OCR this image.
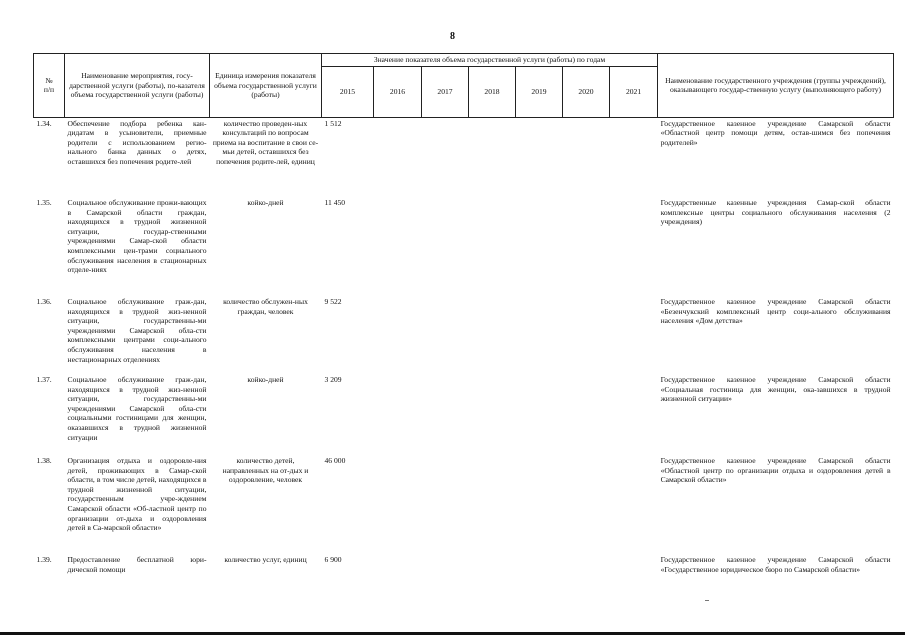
8
№
п/п	Наименование мероприятия, госу-дарственной услуги (работы), по-казателя объема государственной услуги (работы)	Единица измерения показателя объема государственной услуги (работы)	Значение показателя объема государственной услуги (работы) по годам							Наименование государственного учреждения (группы учреждений), оказывающего государ-ственную услугу (выполняющего работу)
			2015	2016	2017	2018	2019	2020	2021	
1.34.	Обеспечение подбора ребенка кан-дидатам в усыновители, приемные родители с использованием регио-нального банка данных о детях, оставшихся без попечения родите-лей	количество проведен-ных консультаций по вопросам приема на воспитание в свои се-мьи детей, оставшихся без попечения родите-лей, единиц	1 512							Государственное казенное учреждение Самарской области «Областной центр помощи детям, остав-шимся без попечения родителей»
1.35.	Социальное обслуживание прожи-вающих в Самарской области граждан, находящихся в трудной жизненной ситуации, государ-ственными учреждениями Самар-ской области комплексными цен-трами социального обслуживания населения в стационарных отделе-ниях	койко-дней	11 450							Государственные казенные учреждения Самар-ской области комплексные центры социального обслуживания населения (2 учреждения)
1.36.	Социальное обслуживание граж-дан, находящихся в трудной жиз-ненной ситуации, государственны-ми учреждениями Самарской обла-сти комплексными центрами соци-ального обслуживания населения в нестационарных отделениях	количество обслужен-ных граждан, человек	9 522							Государственное казенное учреждение Самарской области «Безенчукский комплексный центр соци-ального обслуживания населения «Дом детства»
1.37.	Социальное обслуживание граж-дан, находящихся в трудной жиз-ненной ситуации, государственны-ми учреждениями Самарской обла-сти социальными гостиницами для женщин, оказавшихся в трудной жизненной ситуации	койко-дней	3 209							Государственное казенное учреждение Самарской области «Социальная гостиница для женщин, ока-завшихся в трудной жизненной ситуации»
1.38.	Организация отдыха и оздоровле-ния детей, проживающих в Самар-ской области, в том числе детей, находящихся в трудной жизненной ситуации, государственным учре-ждением Самарской области «Об-ластной центр по организации от-дыха и оздоровления детей в Са-марской области»	количество детей, направленных на от-дых и оздоровление, человек	46 000							Государственное казенное учреждение Самарской области «Областной центр по организации отдыха и оздоровления детей в Самарской области»
1.39.	Предоставление бесплатной юри-дической помощи	количество услуг, единиц	6 900							Государственное казенное учреждение Самарской области «Государственное юридическое бюро по Самарской области»
